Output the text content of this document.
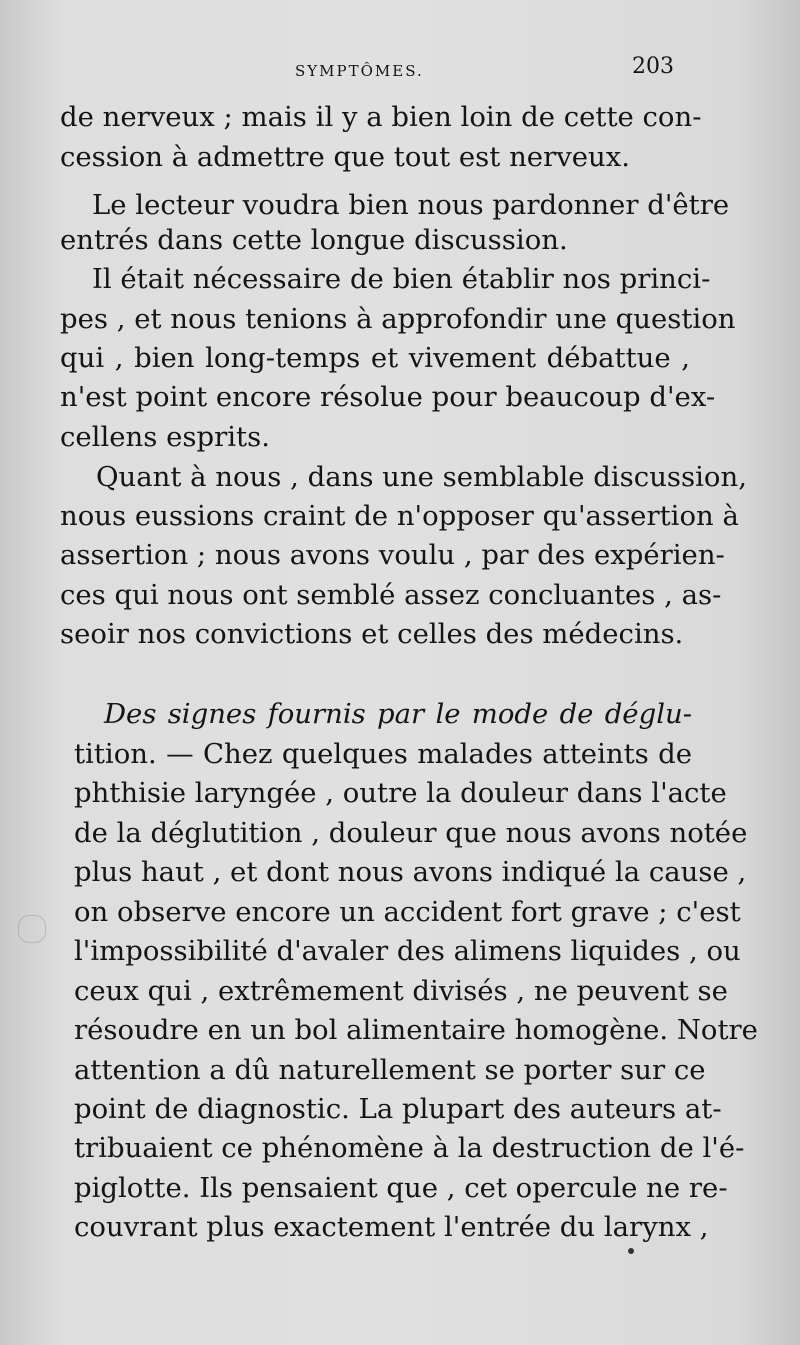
SYMPTÔMES.	203
de nerveux ; mais il y a bien loin de cette con-
cession à admettre que tout est nerveux.
Le lecteur voudra bien nous pardonner d'être
entrés dans cette longue discussion.
Il était nécessaire de bien établir nos princi-
pes , et nous tenions à approfondir une question
qui , bien long-temps et vivement débattue ,
n'est point encore résolue pour beaucoup d'ex-
cellens esprits.
Quant à nous , dans une semblable discussion,
nous eussions craint de n'opposer qu'assertion à
assertion ; nous avons voulu , par des expérien-
ces qui nous ont semblé assez concluantes , as-
seoir nos convictions et celles des médecins.
Des signes fournis par le mode de déglu-
tition. — Chez quelques malades atteints de
phthisie laryngée , outre la douleur dans l'acte
de la déglutition , douleur que nous avons notée
plus haut , et dont nous avons indiqué la cause ,
on observe encore un accident fort grave ; c'est
l'impossibilité d'avaler des alimens liquides , ou
ceux qui , extrêmement divisés , ne peuvent se
résoudre en un bol alimentaire homogène. Notre
attention a dû naturellement se porter sur ce
point de diagnostic. La plupart des auteurs at-
tribuaient ce phénomène à la destruction de l'é-
piglotte. Ils pensaient que , cet opercule ne re-
couvrant plus exactement l'entrée du larynx ,
